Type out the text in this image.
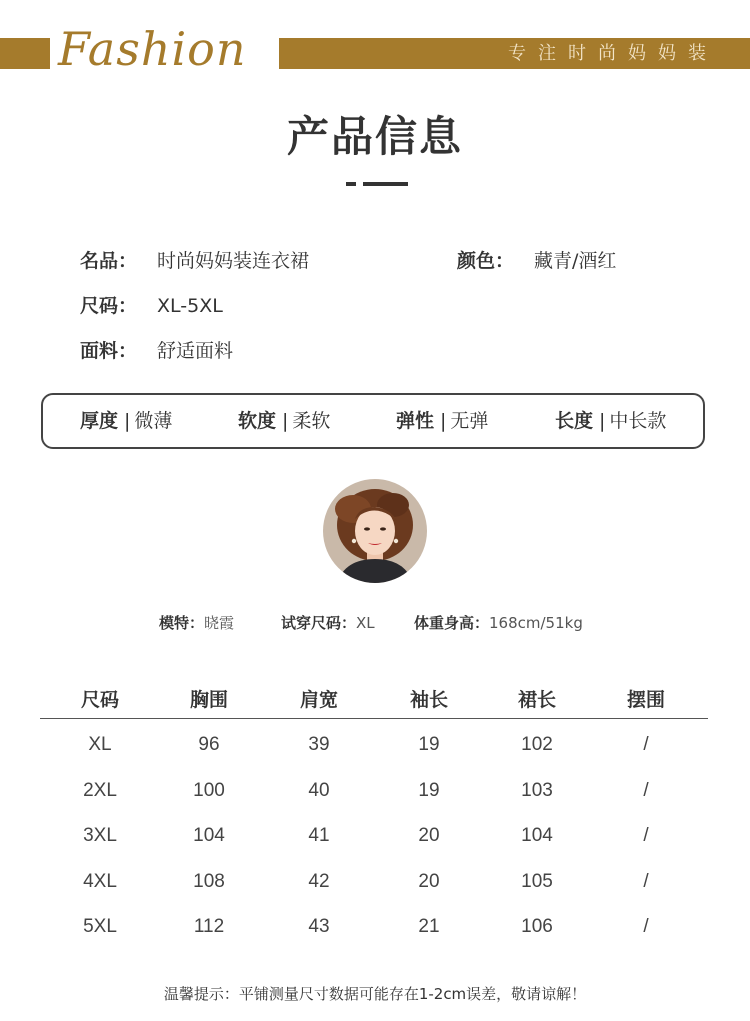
Fashion	专注时尚妈妈装
产品信息
名品： 时尚妈妈装连衣裙	颜色： 藏青/酒红
尺码： XL-5XL
面料： 舒适面料
厚度 | 微薄	软度 | 柔软	弹性 | 无弹	长度 | 中长款
模特：晓霞	试穿尺码：XL	体重身高：168cm/51kg
尺码	胸围	肩宽	袖长	裙长	摆围
XL	96	39	19	102	/
2XL	100	40	19	103	/
3XL	104	41	20	104	/
4XL	108	42	20	105	/
5XL	112	43	21	106	/
温馨提示：平铺测量尺寸数据可能存在1-2cm误差，敬请谅解！
